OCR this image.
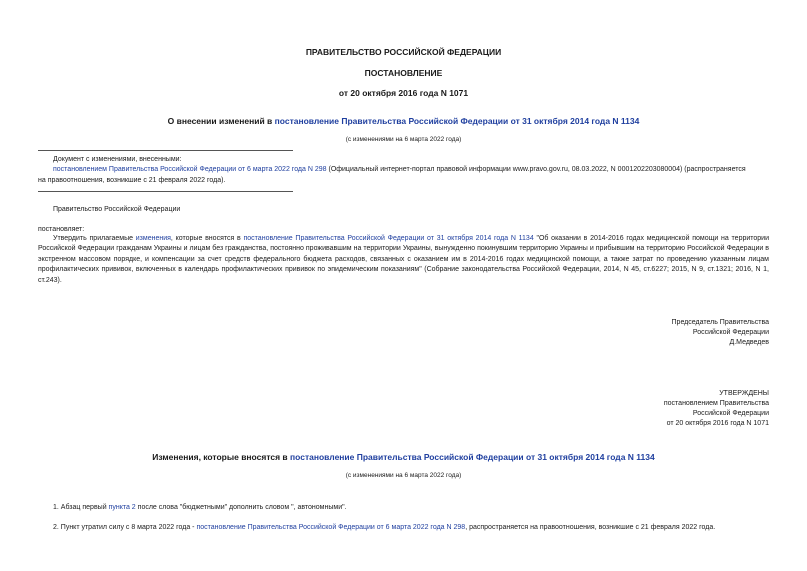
ПРАВИТЕЛЬСТВО РОССИЙСКОЙ ФЕДЕРАЦИИ
ПОСТАНОВЛЕНИЕ
от 20 октября 2016 года N 1071
О внесении изменений в постановление Правительства Российской Федерации от 31 октября 2014 года N 1134
(с изменениями на 6 марта 2022 года)
Документ с изменениями, внесенными:
постановлением Правительства Российской Федерации от 6 марта 2022 года N 298 (Официальный интернет-портал правовой информации www.pravo.gov.ru, 08.03.2022, N 0001202203080004) (распространяется
на правоотношения, возникшие с 21 февраля 2022 года).
Правительство Российской Федерации
постановляет:
Утвердить прилагаемые изменения, которые вносятся в постановление Правительства Российской Федерации от 31 октября 2014 года N 1134 "Об оказании в 2014-2016 годах медицинской помощи на территории Российской Федерации гражданам Украины и лицам без гражданства, постоянно проживавшим на территории Украины, вынужденно покинувшим территорию Украины и прибывшим на территорию Российской Федерации в экстренном массовом порядке, и компенсации за счет средств федерального бюджета расходов, связанных с оказанием им в 2014-2016 годах медицинской помощи, а также затрат по проведению указанным лицам профилактических прививок, включенных в календарь профилактических прививок по эпидемическим показаниям" (Собрание законодательства Российской Федерации, 2014, N 45, ст.6227; 2015, N 9, ст.1321; 2016, N 1, ст.243).
Председатель Правительства
Российской Федерации
Д.Медведев
УТВЕРЖДЕНЫ
постановлением Правительства
Российской Федерации
от 20 октября 2016 года N 1071
Изменения, которые вносятся в постановление Правительства Российской Федерации от 31 октября 2014 года N 1134
(с изменениями на 6 марта 2022 года)
1. Абзац первый пункта 2 после слова "бюджетными" дополнить словом ", автономными".
2. Пункт утратил силу с 8 марта 2022 года - постановление Правительства Российской Федерации от 6 марта 2022 года N 298, распространяется на правоотношения, возникшие с 21 февраля 2022 года.
